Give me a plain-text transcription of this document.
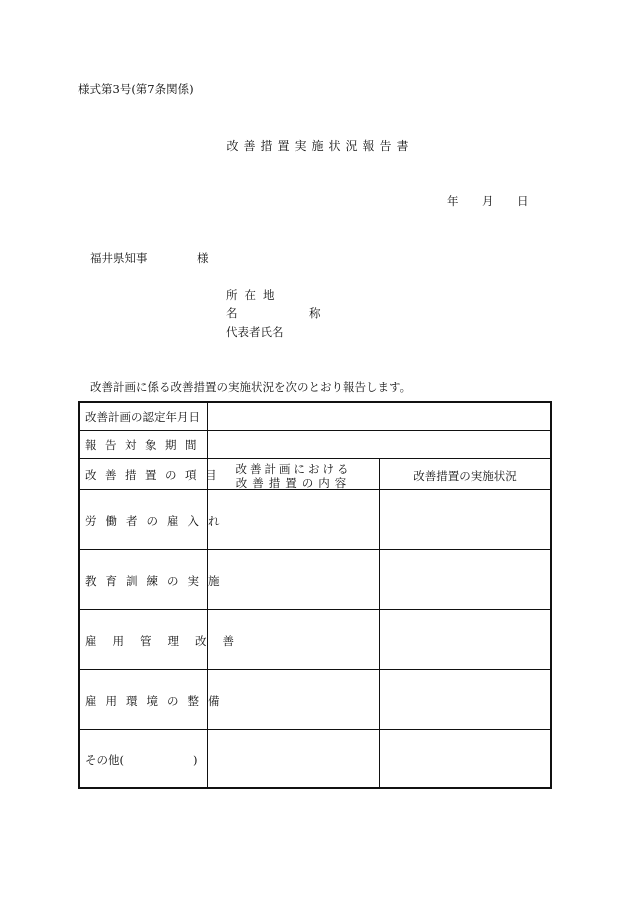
様式第3号(第7条関係)
改善措置実施状況報告書
年 月 日
福井県知事	様
所在地
名　称
代表者氏名
改善計画に係る改善措置の実施状況を次のとおり報告します。
改善計画の認定年月日
報告対象期間
改善措置の項目 改善計画における
改善措置の内容	改善措置の実施状況
労働者の雇入れ
教育訓練の実施
雇用管理改善
雇用環境の整備
その他(　　　　　　)
